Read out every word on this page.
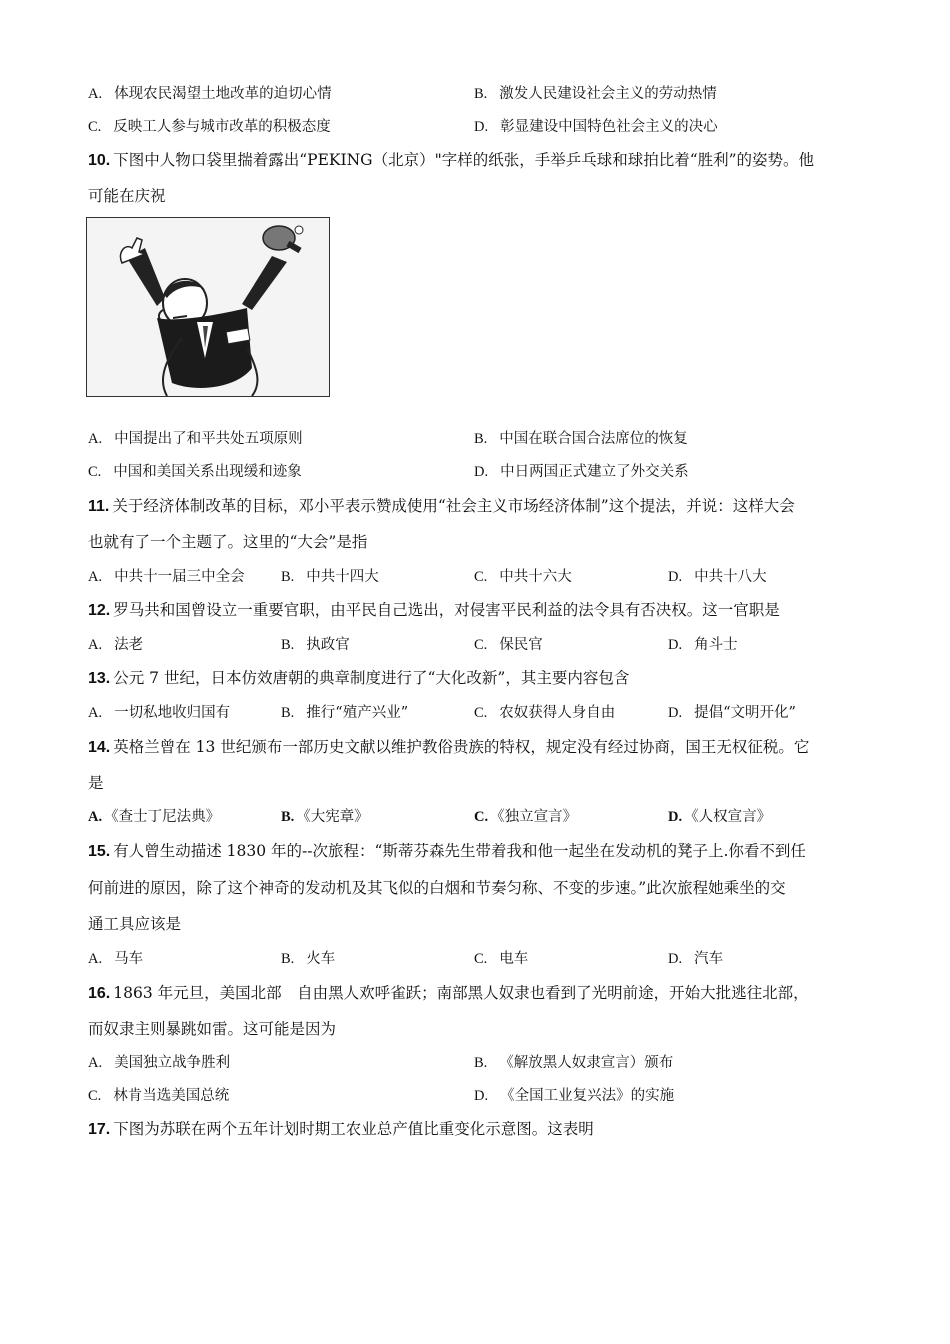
A. 体现农民渴望土地改革的迫切心情	B. 激发人民建设社会主义的劳动热情
C. 反映工人参与城市改革的积极态度	D. 彰显建设中国特色社会主义的决心
10. 下图中人物口袋里揣着露出“PEKING（北京）"字样的纸张，手举乒乓球和球拍比着“胜利”的姿势。他
可能在庆祝
A. 中国提出了和平共处五项原则	B. 中国在联合国合法席位的恢复
C. 中国和美国关系出现缓和迹象	D. 中日两国正式建立了外交关系
11. 关于经济体制改革的目标，邓小平表示赞成使用“社会主义市场经济体制”这个提法，并说：这样大会
也就有了一个主题了。这里的“大会”是指
A. 中共十一届三中全会	B. 中共十四大	C. 中共十六大	D. 中共十八大
12. 罗马共和国曾设立一重要官职，由平民自己选出，对侵害平民利益的法令具有否决权。这一官职是
A. 法老	B. 执政官	C. 保民官	D. 角斗士
13. 公元 7 世纪，日本仿效唐朝的典章制度进行了“大化改新”，其主要内容包含
A. 一切私地收归国有	B. 推行“殖产兴业”	C. 农奴获得人身自由	D. 提倡“文明开化”
14. 英格兰曾在 13 世纪颁布一部历史文献以维护教俗贵族的特权，规定没有经过协商，国王无权征税。它
是
A. 《查士丁尼法典》	B. 《大宪章》	C. 《独立宣言》	D. 《人权宣言》
15. 有人曾生动描述 1830 年的--次旅程：“斯蒂芬森先生带着我和他一起坐在发动机的凳子上.你看不到任
何前进的原因，除了这个神奇的发动机及其飞似的白烟和节奏匀称、不变的步速。”此次旅程她乘坐的交
通工具应该是
A. 马车	B. 火车	C. 电车	D. 汽车
16. 1863 年元旦，美国北部　自由黑人欢呼雀跃；南部黑人奴隶也看到了光明前途，开始大批逃往北部，
而奴隶主则暴跳如雷。这可能是因为
A. 美国独立战争胜利	B. 《解放黑人奴隶宣言）颁布
C. 林肯当选美国总统	D. 《全国工业复兴法》的实施
17. 下图为苏联在两个五年计划时期工农业总产值比重变化示意图。这表明
